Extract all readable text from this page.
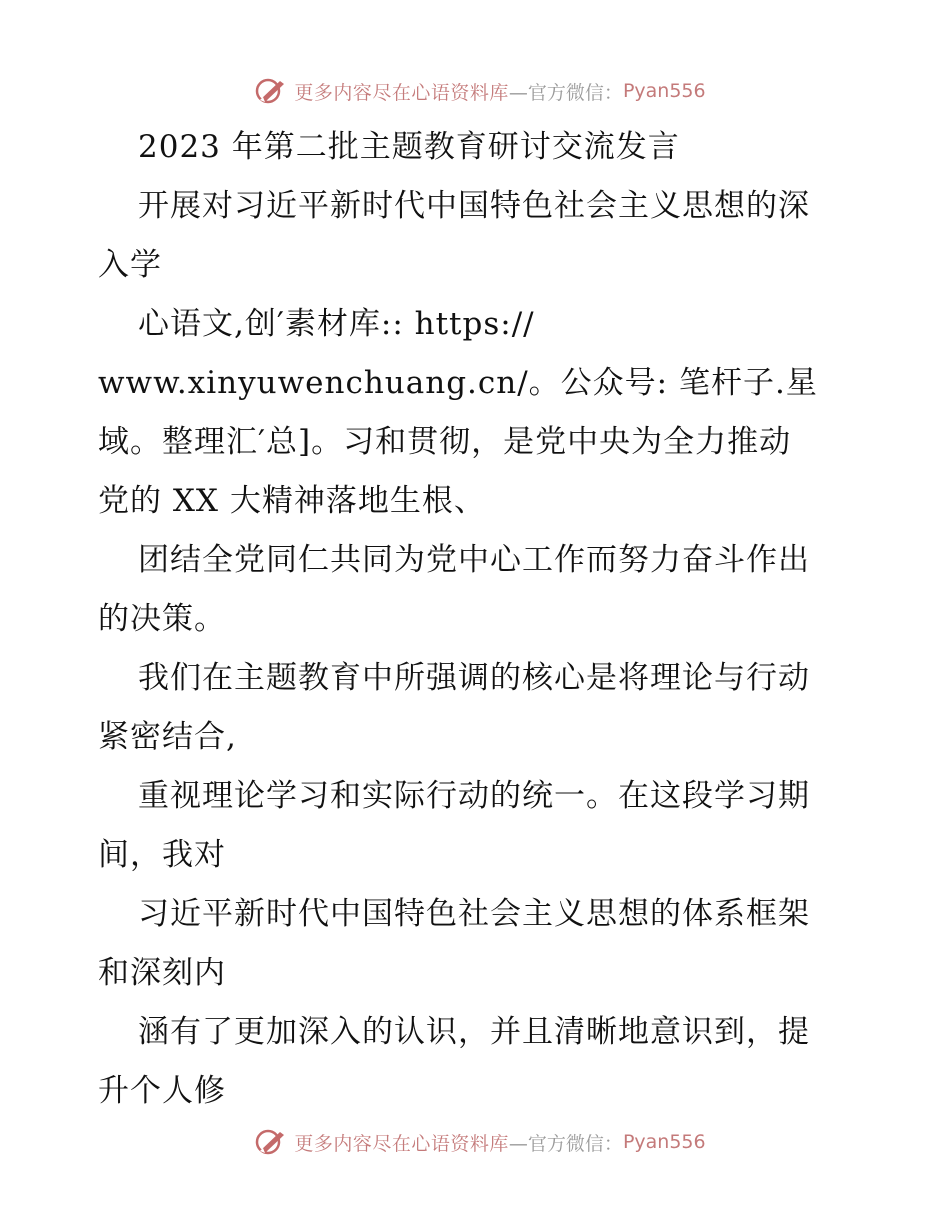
更多内容尽在心语资料库 —官方微信： Pyan556
2023 年第二批主题教育研讨交流发言
开展对习近平新时代中国特色社会主义思想的深
入学
心语文,创′素材库:: https://
www.xinyuwenchuang.cn/。公众号: 笔杆子.星
域。整理汇′总]。习和贯彻，是党中央为全力推动
党的 XX 大精神落地生根、
团结全党同仁共同为党中心工作而努力奋斗作出
的决策。
我们在主题教育中所强调的核心是将理论与行动
紧密结合,
重视理论学习和实际行动的统一。在这段学习期
间，我对
习近平新时代中国特色社会主义思想的体系框架
和深刻内
涵有了更加深入的认识，并且清晰地意识到，提
升个人修
更多内容尽在心语资料库 —官方微信： Pyan556
